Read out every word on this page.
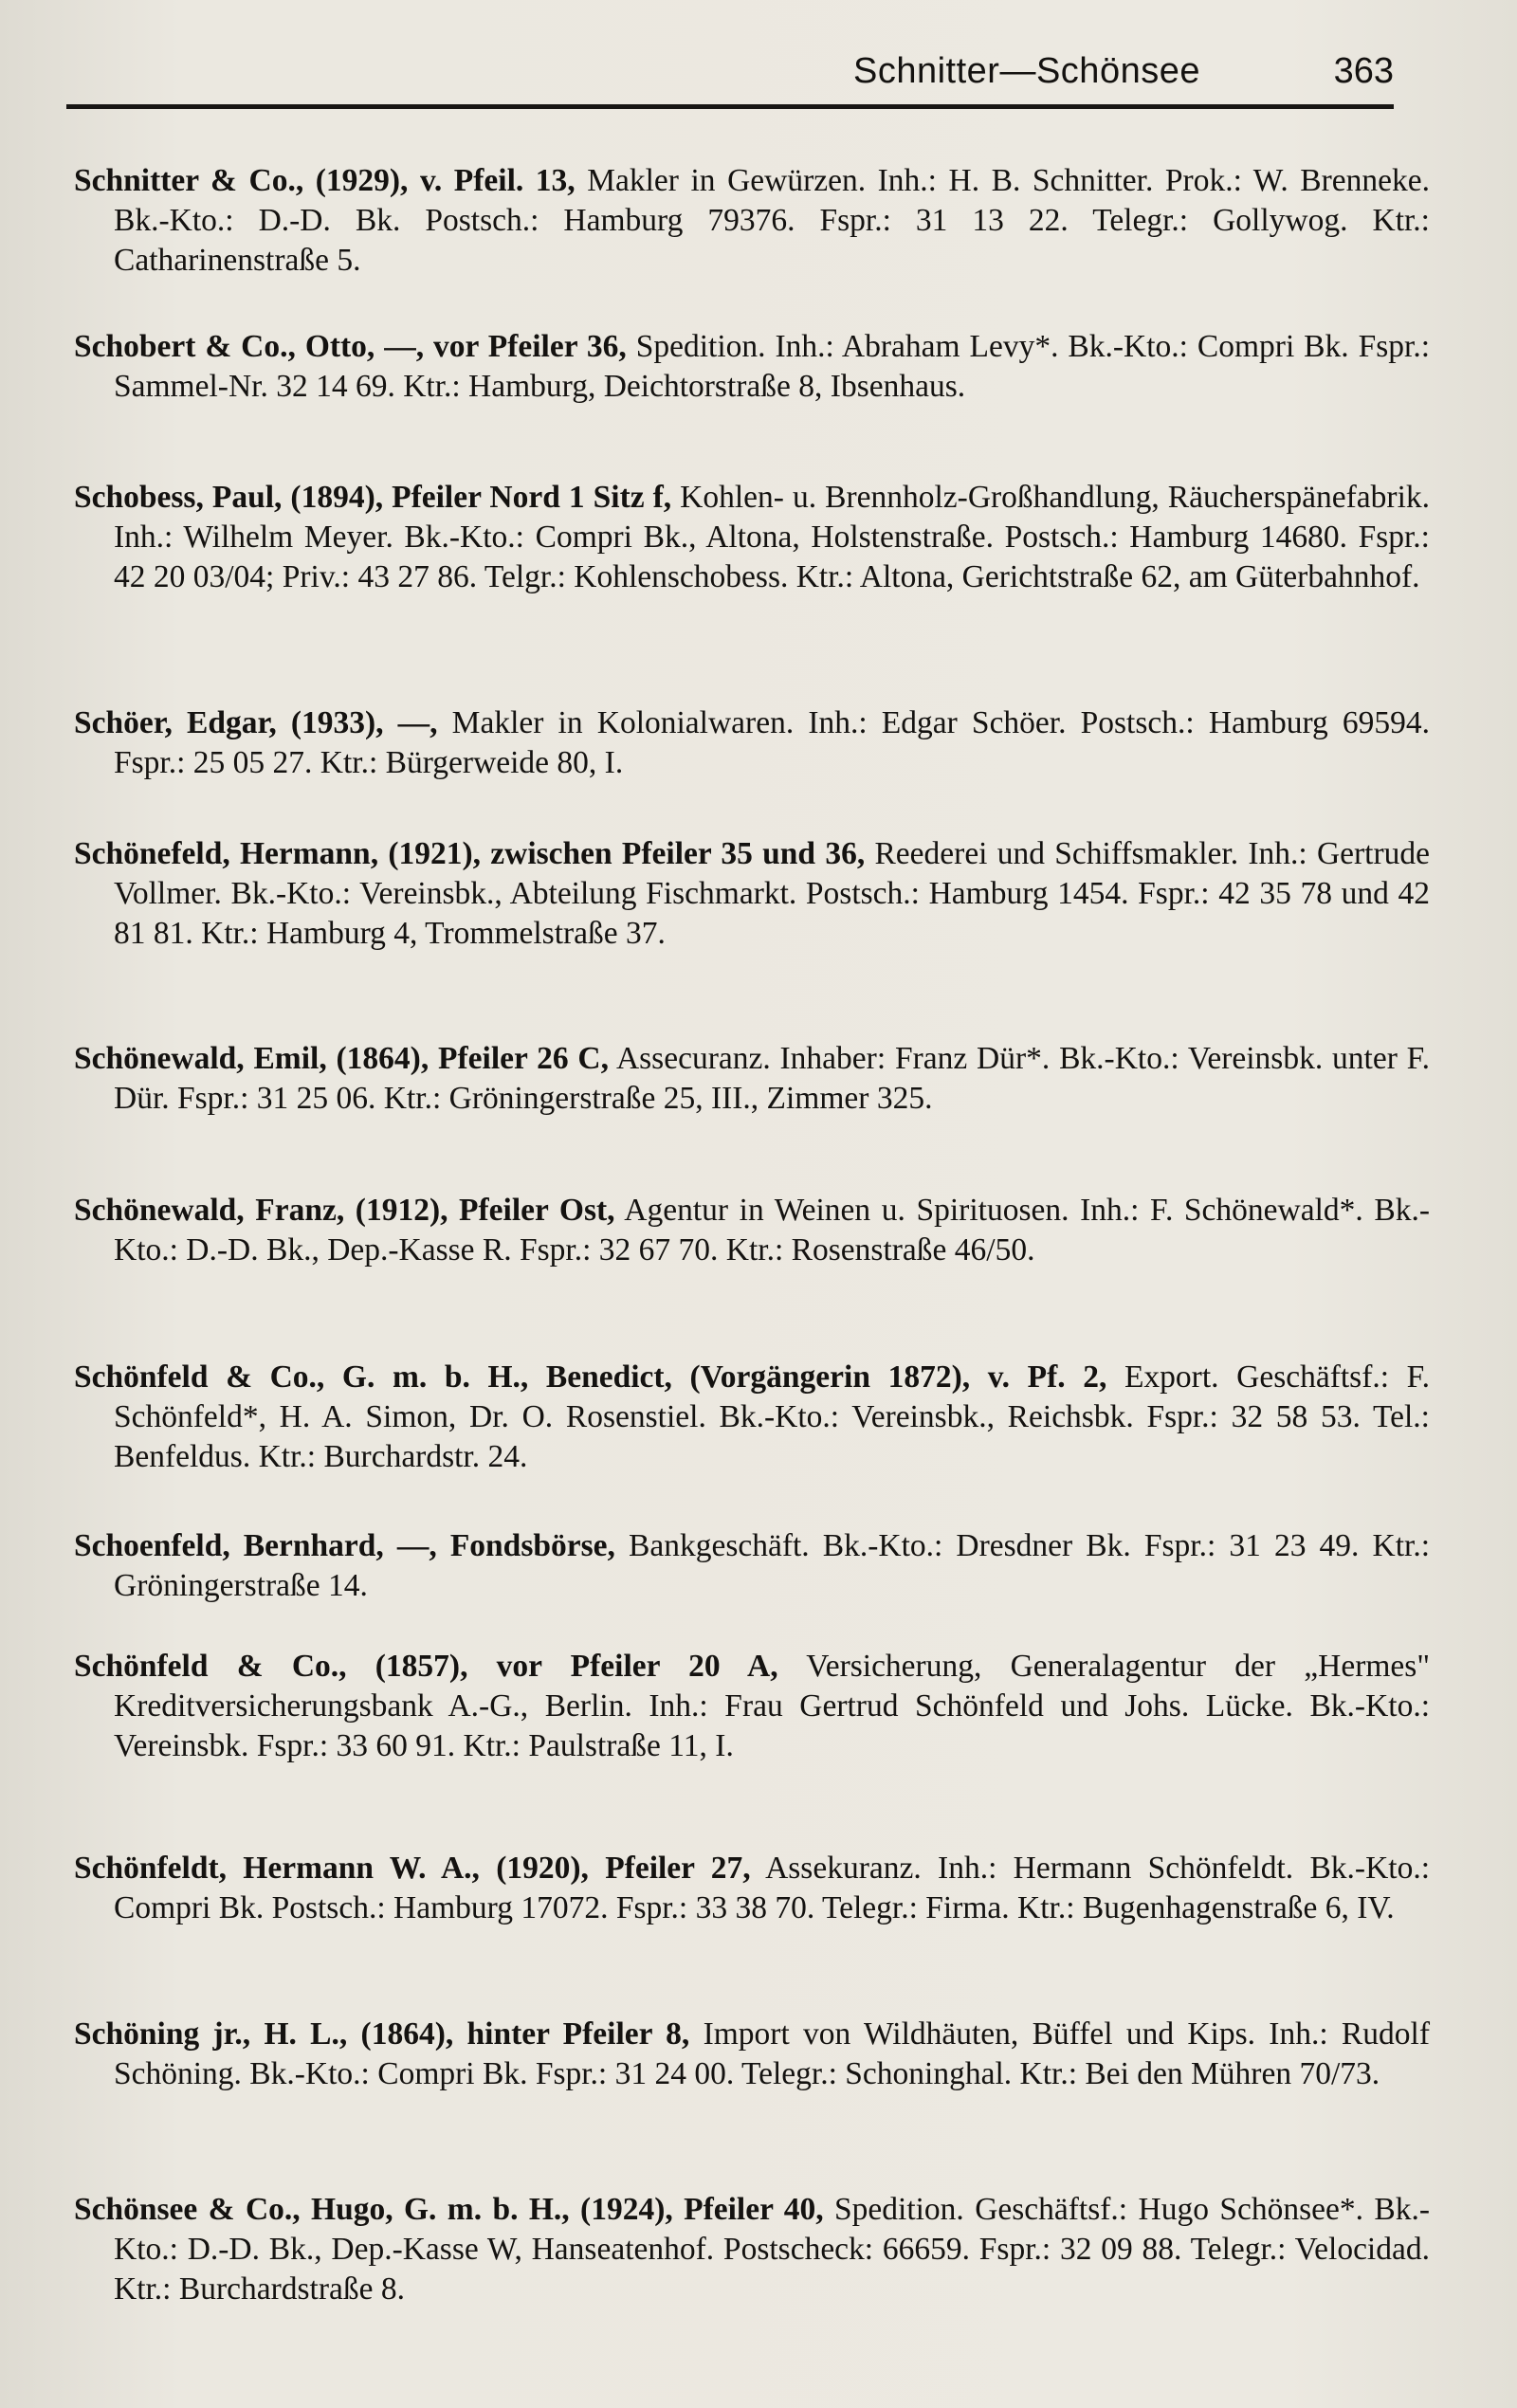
Schnitter—Schönsee	363
Schnitter & Co., (1929), v. Pfeil. 13, Makler in Gewürzen. Inh.: H. B. Schnitter. Prok.: W. Brenneke. Bk.-Kto.: D.-D. Bk. Postsch.: Hamburg 79376. Fspr.: 31 13 22. Telegr.: Gollywog. Ktr.: Catharinenstraße 5.
Schobert & Co., Otto, —, vor Pfeiler 36, Spedition. Inh.: Abraham Levy*. Bk.-Kto.: Compri Bk. Fspr.: Sammel-Nr. 32 14 69. Ktr.: Hamburg, Deichtorstraße 8, Ibsenhaus.
Schobess, Paul, (1894), Pfeiler Nord 1 Sitz f, Kohlen- u. Brennholz-Großhandlung, Räucherspänefabrik. Inh.: Wilhelm Meyer. Bk.-Kto.: Compri Bk., Altona, Holstenstraße. Postsch.: Hamburg 14680. Fspr.: 42 20 03/04; Priv.: 43 27 86. Telgr.: Kohlenschobess. Ktr.: Altona, Gerichtstraße 62, am Güterbahnhof.
Schöer, Edgar, (1933), —, Makler in Kolonialwaren. Inh.: Edgar Schöer. Postsch.: Hamburg 69594. Fspr.: 25 05 27. Ktr.: Bürgerweide 80, I.
Schönefeld, Hermann, (1921), zwischen Pfeiler 35 und 36, Reederei und Schiffsmakler. Inh.: Gertrude Vollmer. Bk.-Kto.: Vereinsbk., Abteilung Fischmarkt. Postsch.: Hamburg 1454. Fspr.: 42 35 78 und 42 81 81. Ktr.: Hamburg 4, Trommelstraße 37.
Schönewald, Emil, (1864), Pfeiler 26 C, Assecuranz. Inhaber: Franz Dür*. Bk.-Kto.: Vereinsbk. unter F. Dür. Fspr.: 31 25 06. Ktr.: Gröningerstraße 25, III., Zimmer 325.
Schönewald, Franz, (1912), Pfeiler Ost, Agentur in Weinen u. Spirituosen. Inh.: F. Schönewald*. Bk.-Kto.: D.-D. Bk., Dep.-Kasse R. Fspr.: 32 67 70. Ktr.: Rosenstraße 46/50.
Schönfeld & Co., G. m. b. H., Benedict, (Vorgängerin 1872), v. Pf. 2, Export. Geschäftsf.: F. Schönfeld*, H. A. Simon, Dr. O. Rosenstiel. Bk.-Kto.: Vereinsbk., Reichsbk. Fspr.: 32 58 53. Tel.: Benfeldus. Ktr.: Burchardstr. 24.
Schoenfeld, Bernhard, —, Fondsbörse, Bankgeschäft. Bk.-Kto.: Dresdner Bk. Fspr.: 31 23 49. Ktr.: Gröningerstraße 14.
Schönfeld & Co., (1857), vor Pfeiler 20 A, Versicherung, Generalagentur der „Hermes" Kreditversicherungsbank A.-G., Berlin. Inh.: Frau Gertrud Schönfeld und Johs. Lücke. Bk.-Kto.: Vereinsbk. Fspr.: 33 60 91. Ktr.: Paulstraße 11, I.
Schönfeldt, Hermann W. A., (1920), Pfeiler 27, Assekuranz. Inh.: Hermann Schönfeldt. Bk.-Kto.: Compri Bk. Postsch.: Hamburg 17072. Fspr.: 33 38 70. Telegr.: Firma. Ktr.: Bugenhagenstraße 6, IV.
Schöning jr., H. L., (1864), hinter Pfeiler 8, Import von Wildhäuten, Büffel und Kips. Inh.: Rudolf Schöning. Bk.-Kto.: Compri Bk. Fspr.: 31 24 00. Telegr.: Schoninghal. Ktr.: Bei den Mühren 70/73.
Schönsee & Co., Hugo, G. m. b. H., (1924), Pfeiler 40, Spedition. Geschäftsf.: Hugo Schönsee*. Bk.-Kto.: D.-D. Bk., Dep.-Kasse W, Hanseatenhof. Postscheck: 66659. Fspr.: 32 09 88. Telegr.: Velocidad. Ktr.: Burchardstraße 8.
